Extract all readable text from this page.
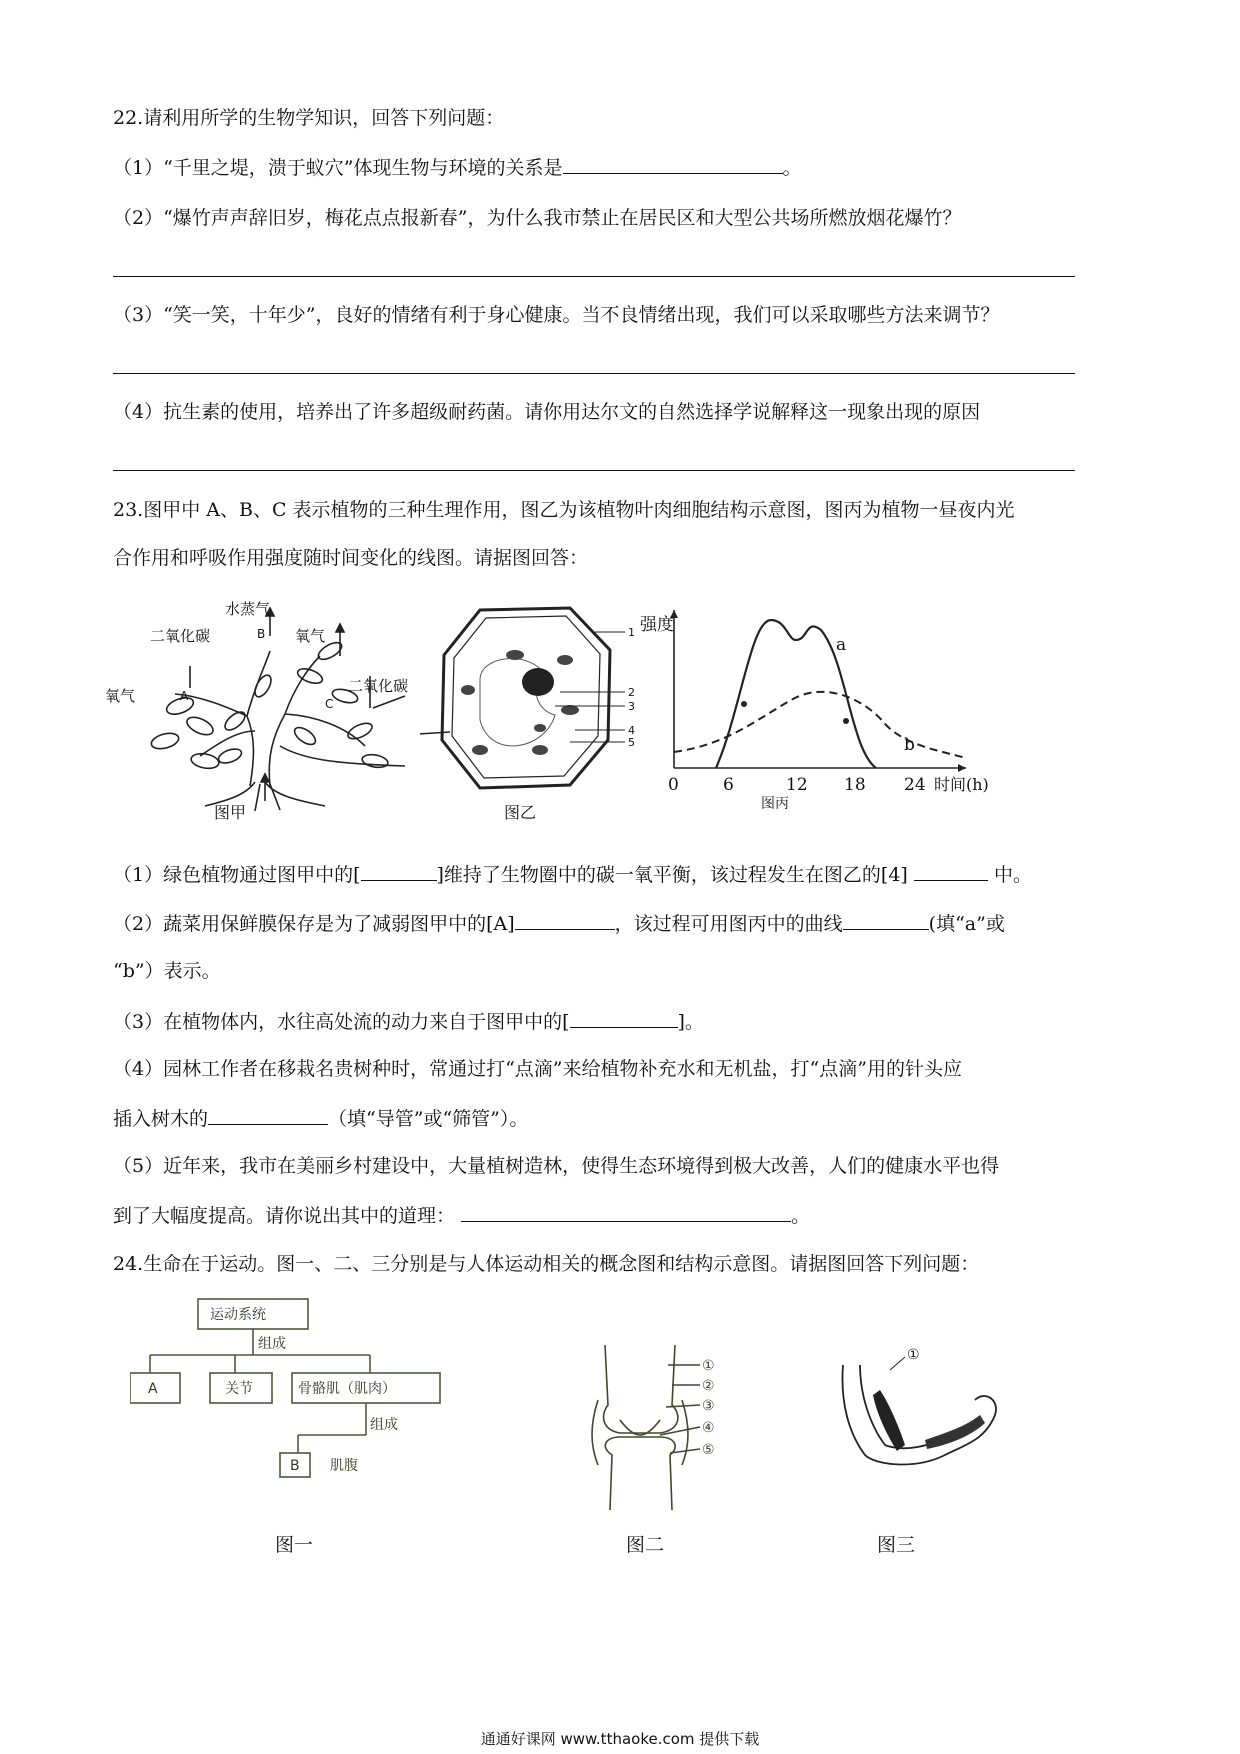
22.请利用所学的生物学知识，回答下列问题：
（1）“千里之堤，溃于蚁穴”体现生物与环境的关系是	。
（2）“爆竹声声辞旧岁，梅花点点报新春”，为什么我市禁止在居民区和大型公共场所燃放烟花爆竹？
（3）“笑一笑，十年少”，良好的情绪有利于身心健康。当不良情绪出现，我们可以采取哪些方法来调节？
（4）抗生素的使用，培养出了许多超级耐药菌。请你用达尔文的自然选择学说解释这一现象出现的原因
23.图甲中 A、B、C 表示植物的三种生理作用，图乙为该植物叶肉细胞结构示意图，图丙为植物一昼夜内光
合作用和呼吸作用强度随时间变化的线图。请据图回答：
水蒸气
二氧化碳	氧气
氧气
二氧化碳
A
B
C
图甲
1
2
3
4
5
图乙
强度
a
b
0	6	12 18 24 时间(h)
图丙
（1）绿色植物通过图甲中的[	]维持了生物圈中的碳一氧平衡，该过程发生在图乙的[4]	中。
（2）蔬菜用保鲜膜保存是为了减弱图甲中的[A]	，该过程可用图丙中的曲线	(填“a”或
“b”）表示。
（3）在植物体内，水往高处流的动力来自于图甲中的[	]。
（4）园林工作者在移栽名贵树种时，常通过打“点滴”来给植物补充水和无机盐，打“点滴”用的针头应
插入树木的	（填“导管”或“筛管”）。
（5）近年来，我市在美丽乡村建设中，大量植树造林，使得生态环境得到极大改善，人们的健康水平也得
到了大幅度提高。请你说出其中的道理：	。
24.生命在于运动。图一、二、三分别是与人体运动相关的概念图和结构示意图。请据图回答下列问题：
运动系统
组成
A	关节	骨骼肌（肌肉）
组成
B 肌腹
图一
①
②
③
④
⑤
图二
①
图三
通通好课网 www.tthaoke.com 提供下载
